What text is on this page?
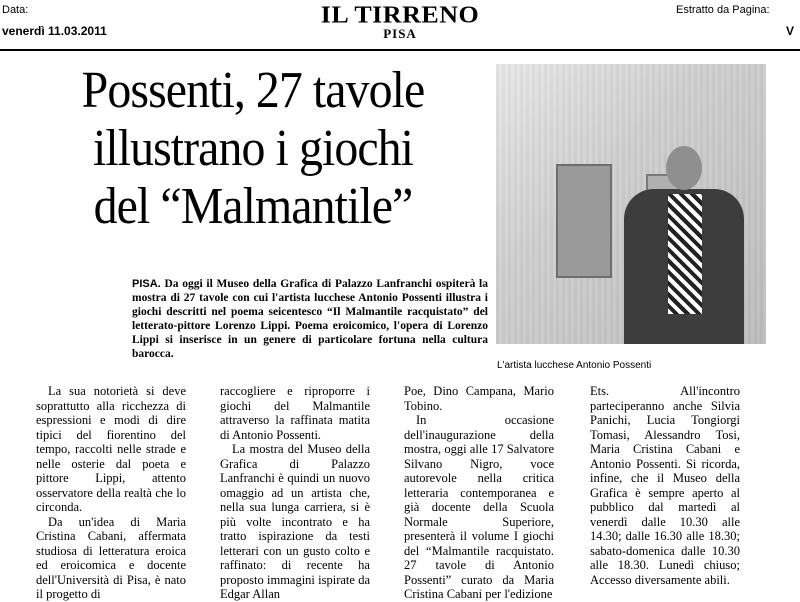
Data:
venerdì 11.03.2011
IL TIRRENO
PISA
Estratto da Pagina:
V
Possenti, 27 tavole
illustrano i giochi
del “Malmantile”
L'artista lucchese Antonio Possenti
PISA. Da oggi il Museo della Grafica di Palazzo Lanfranchi ospiterà la mostra di 27 tavole con cui l'artista lucchese Antonio Possenti illustra i giochi descritti nel poema seicentesco “Il Malmantile racquistato” del letterato-pittore Lorenzo Lippi. Poema eroicomico, l'opera di Lorenzo Lippi si inserisce in un genere di particolare fortuna nella cultura barocca.

La sua notorietà si deve soprattutto alla ricchezza di espressioni e modi di dire tipici del fiorentino del tempo, raccolti nelle strade e nelle osterie dal poeta e pittore Lippi, attento osservatore della realtà che lo circonda.

Da un'idea di Maria Cristina Cabani, affermata studiosa di letteratura eroica ed eroicomica e docente dell'Università di Pisa, è nato il progetto di

raccogliere e riproporre i giochi del Malmantile attraverso la raffinata matita di Antonio Possenti.

La mostra del Museo della Grafica di Palazzo Lanfranchi è quindi un nuovo omaggio ad un artista che, nella sua lunga carriera, si è più volte incontrato e ha tratto ispirazione da testi letterari con un gusto colto e raffinato: di recente ha proposto immagini ispirate da Edgar Allan

Poe, Dino Campana, Mario Tobino.

In occasione dell'inaugurazione della mostra, oggi alle 17 Salvatore Silvano Nigro, voce autorevole nella critica letteraria contemporanea e già docente della Scuola Normale Superiore, presenterà il volume I giochi del “Malmantile racquistato. 27 tavole di Antonio Possenti” curato da Maria Cristina Cabani per l'edizione

Ets. All'incontro parteciperanno anche Silvia Panichi, Lucia Tongiorgi Tomasi, Alessandro Tosi, Maria Cristina Cabani e Antonio Possenti. Si ricorda, infine, che il Museo della Grafica è sempre aperto al pubblico dal martedì al venerdì dalle 10.30 alle 14.30; dalle 16.30 alle 18.30; sabato-domenica dalle 10.30 alle 18.30. Lunedì chiuso; Accesso diversamente abili.
